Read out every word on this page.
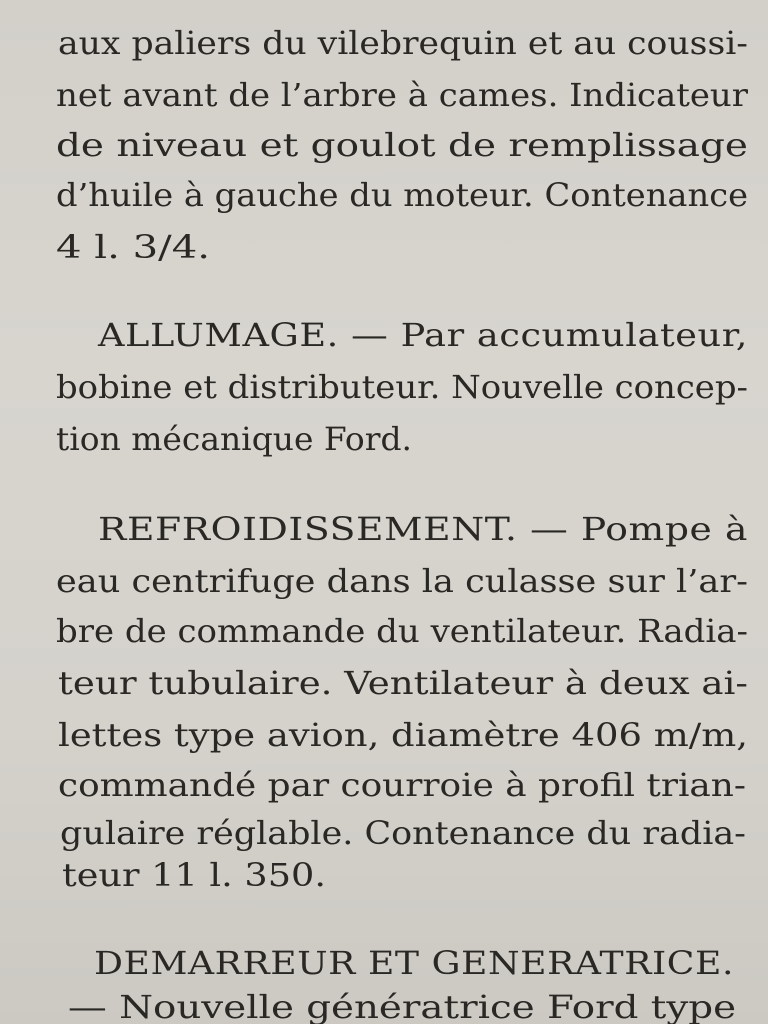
aux paliers du vilebrequin et au coussi-
net avant de l’arbre à cames. Indicateur
de niveau et goulot de remplissage
d’huile à gauche du moteur. Contenance
4 l. 3/4.
ALLUMAGE. — Par accumulateur,
bobine et distributeur. Nouvelle concep-
tion mécanique Ford.
REFROIDISSEMENT. — Pompe à
eau centrifuge dans la culasse sur l’ar-
bre de commande du ventilateur. Radia-
teur tubulaire. Ventilateur à deux ai-
lettes type avion, diamètre 406 m/m,
commandé par courroie à profil trian-
gulaire réglable. Contenance du radia-
teur 11 l. 350.
DEMARREUR ET GENERATRICE.
— Nouvelle génératrice Ford type
